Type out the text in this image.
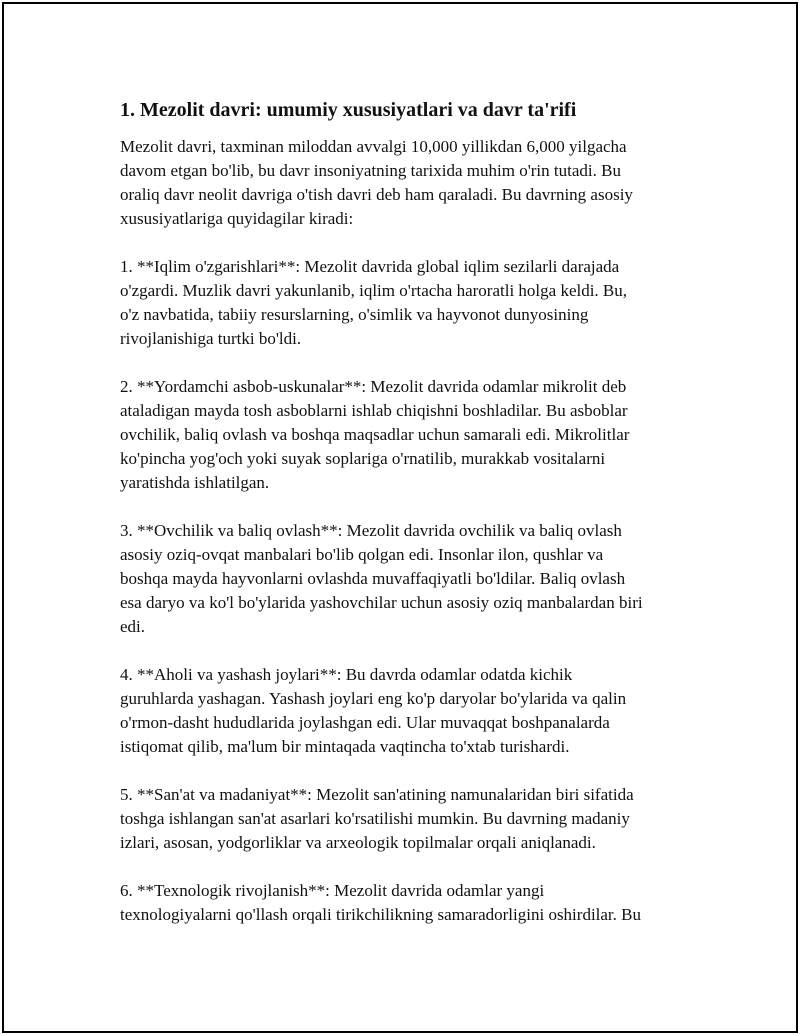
1. Mezolit davri: umumiy xususiyatlari va davr ta'rifi

Mezolit davri, taxminan miloddan avvalgi 10,000 yillikdan 6,000 yilgacha
davom etgan bo'lib, bu davr insoniyatning tarixida muhim o'rin tutadi. Bu
oraliq davr neolit davriga o'tish davri deb ham qaraladi. Bu davrning asosiy
xususiyatlariga quyidagilar kiradi:

1. **Iqlim o'zgarishlari**: Mezolit davrida global iqlim sezilarli darajada
o'zgardi. Muzlik davri yakunlanib, iqlim o'rtacha haroratli holga keldi. Bu,
o'z navbatida, tabiiy resurslarning, o'simlik va hayvonot dunyosining
rivojlanishiga turtki bo'ldi.

2. **Yordamchi asbob-uskunalar**: Mezolit davrida odamlar mikrolit deb
ataladigan mayda tosh asboblarni ishlab chiqishni boshladilar. Bu asboblar
ovchilik, baliq ovlash va boshqa maqsadlar uchun samarali edi. Mikrolitlar
ko'pincha yog'och yoki suyak soplariga o'rnatilib, murakkab vositalarni
yaratishda ishlatilgan.

3. **Ovchilik va baliq ovlash**: Mezolit davrida ovchilik va baliq ovlash
asosiy oziq-ovqat manbalari bo'lib qolgan edi. Insonlar ilon, qushlar va
boshqa mayda hayvonlarni ovlashda muvaffaqiyatli bo'ldilar. Baliq ovlash
esa daryo va ko'l bo'ylarida yashovchilar uchun asosiy oziq manbalardan biri
edi.

4. **Aholi va yashash joylari**: Bu davrda odamlar odatda kichik
guruhlarda yashagan. Yashash joylari eng ko'p daryolar bo'ylarida va qalin
o'rmon-dasht hududlarida joylashgan edi. Ular muvaqqat boshpanalarda
istiqomat qilib, ma'lum bir mintaqada vaqtincha to'xtab turishardi.

5. **San'at va madaniyat**: Mezolit san'atining namunalaridan biri sifatida
toshga ishlangan san'at asarlari ko'rsatilishi mumkin. Bu davrning madaniy
izlari, asosan, yodgorliklar va arxeologik topilmalar orqali aniqlanadi.

6. **Texnologik rivojlanish**: Mezolit davrida odamlar yangi
texnologiyalarni qo'llash orqali tirikchilikning samaradorligini oshirdilar. Bu
